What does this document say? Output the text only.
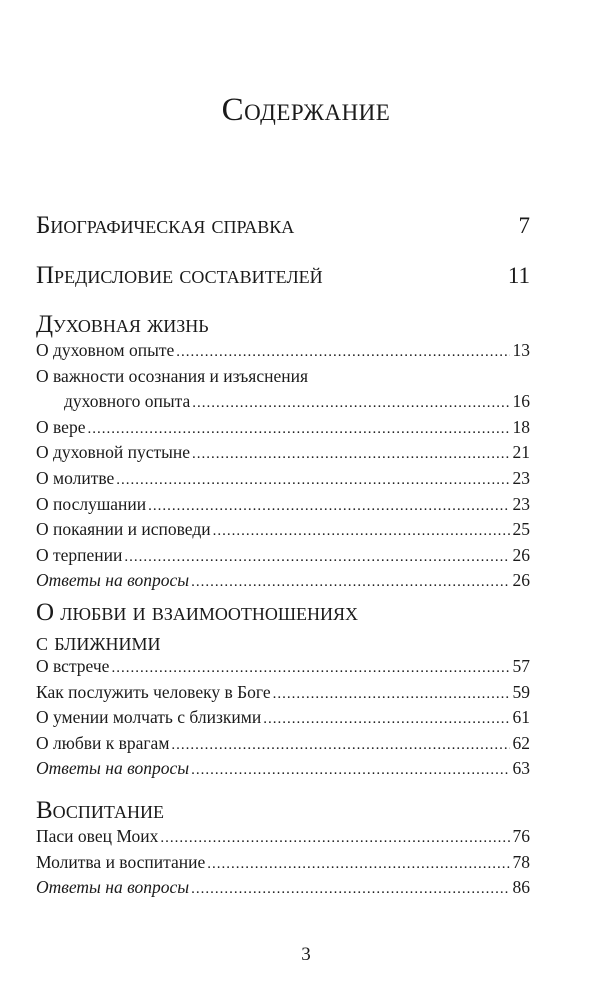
Содержание
Биографическая справка	7
Предисловие составителей	11
Духовная жизнь
О духовном опыте .....	13
О важности осознания и изъяснения
духовного опыта .....	16
О вере .....	18
О духовной пустыне .....	21
О молитве .....	23
О послушании .....	23
О покаянии и исповеди .....	25
О терпении .....	26
Ответы на вопросы .....	26
О любви и взаимоотношениях
с ближними
О встрече .....	57
Как послужить человеку в Боге .....	59
О умении молчать с близкими .....	61
О любви к врагам .....	62
Ответы на вопросы .....	63
Воспитание
Паси овец Моих .....	76
Молитва и воспитание .....	78
Ответы на вопросы .....	86
3
